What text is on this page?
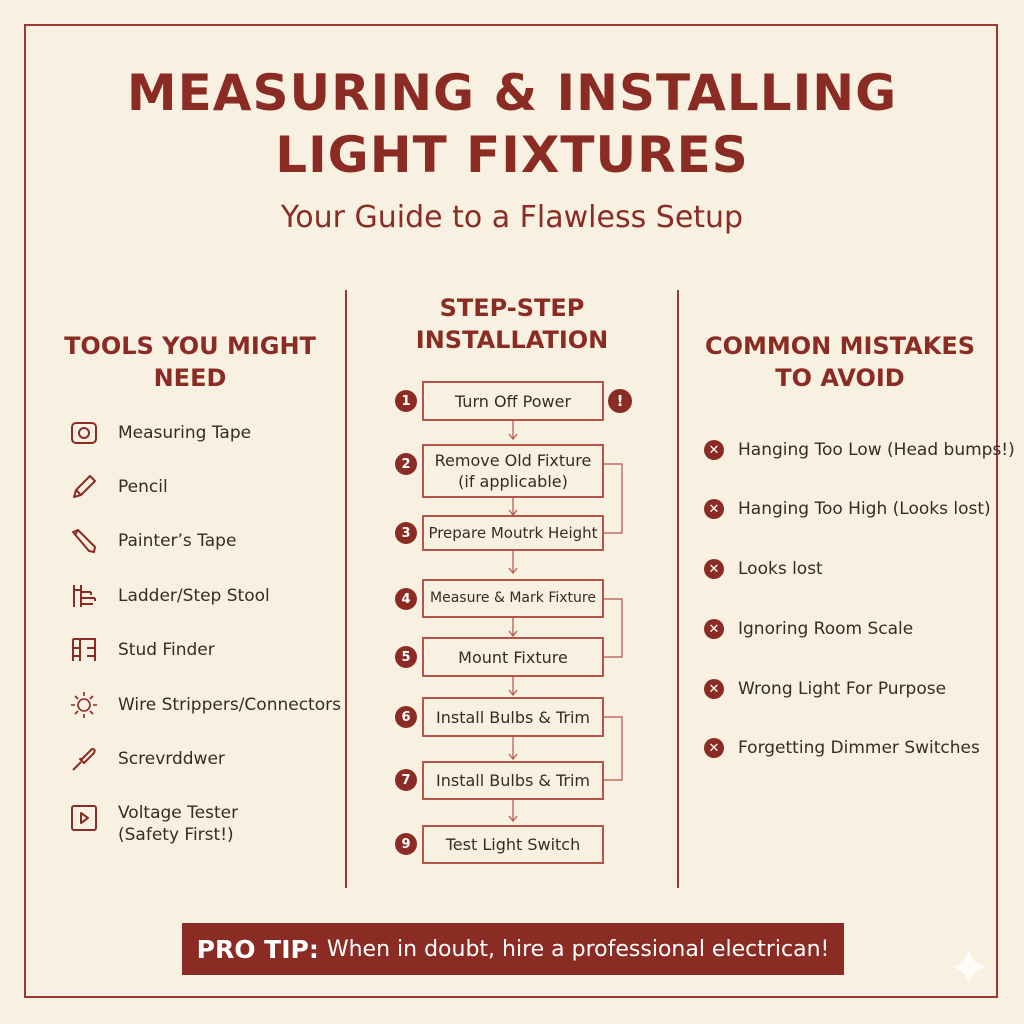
MEASURING & INSTALLING
LIGHT FIXTURES
Your Guide to a Flawless Setup
TOOLS YOU MIGHT
NEED
Measuring Tape
Pencil
Painter’s Tape
Ladder/Step Stool
Stud Finder
Wire Strippers/Connectors
Screvrddwer
Voltage Tester
(Safety First!)
STEP-STEP
INSTALLATION
Turn Off Power
1	!
Remove Old Fixture
(if applicable)
2
Prepare Moutrk Height
3
Measure & Mark Fixture
4
Mount Fixture
5
Install Bulbs & Trim
6
Install Bulbs & Trim
7
Test Light Switch
9
COMMON MISTAKES
TO AVOID
✕ Hanging Too Low (Head bumps!)
✕ Hanging Too High (Looks lost)
✕ Looks lost
✕ Ignoring Room Scale
✕ Wrong Light For Purpose
✕ Forgetting Dimmer Switches
PRO TIP: When in doubt, hire a professional electrican!
